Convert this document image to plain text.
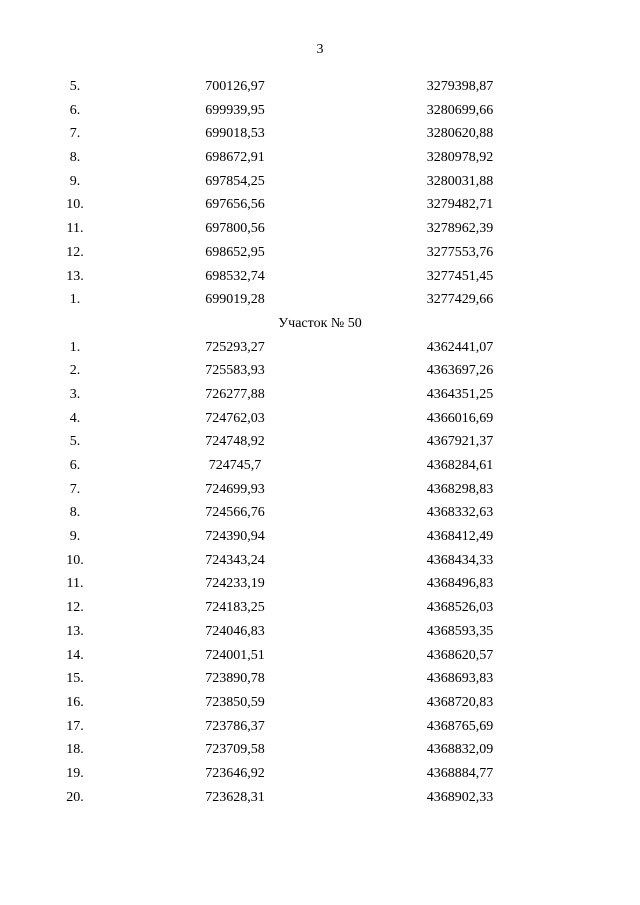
3
5.	700126,97	3279398,87
6.	699939,95	3280699,66
7.	699018,53	3280620,88
8.	698672,91	3280978,92
9.	697854,25	3280031,88
10.	697656,56	3279482,71
11.	697800,56	3278962,39
12.	698652,95	3277553,76
13.	698532,74	3277451,45
1.	699019,28	3277429,66
Участок № 50
1.	725293,27	4362441,07
2.	725583,93	4363697,26
3.	726277,88	4364351,25
4.	724762,03	4366016,69
5.	724748,92	4367921,37
6.	724745,7	4368284,61
7.	724699,93	4368298,83
8.	724566,76	4368332,63
9.	724390,94	4368412,49
10.	724343,24	4368434,33
11.	724233,19	4368496,83
12.	724183,25	4368526,03
13.	724046,83	4368593,35
14.	724001,51	4368620,57
15.	723890,78	4368693,83
16.	723850,59	4368720,83
17.	723786,37	4368765,69
18.	723709,58	4368832,09
19.	723646,92	4368884,77
20.	723628,31	4368902,33
